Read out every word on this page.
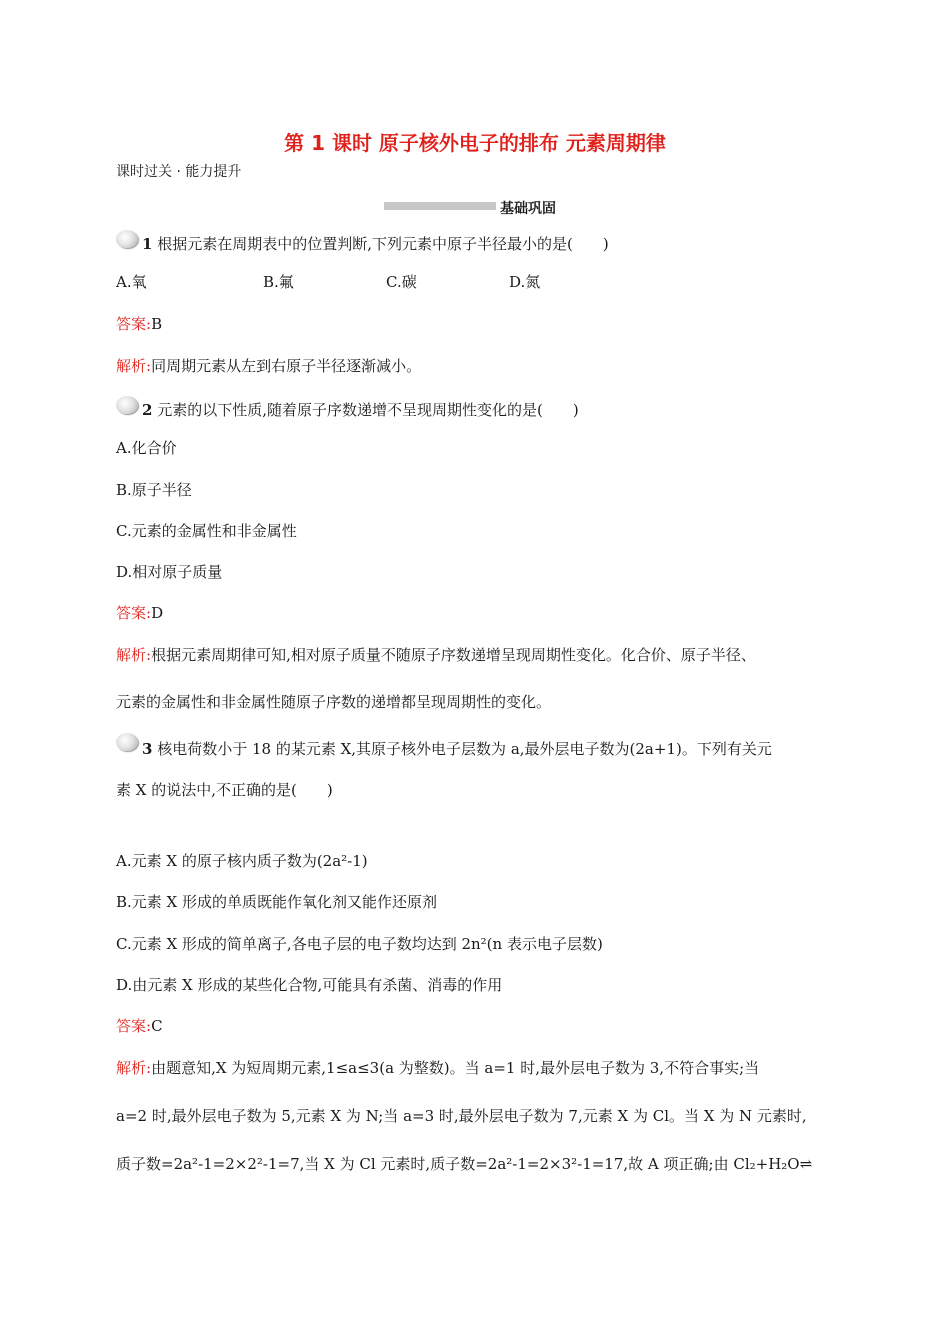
第 1 课时 原子核外电子的排布 元素周期律
课时过关 · 能力提升
基础巩固
1 根据元素在周期表中的位置判断,下列元素中原子半径最小的是(　　)
A.氧	B.氟	C.碳	D.氮
答案:B
解析:同周期元素从左到右原子半径逐渐减小。
2 元素的以下性质,随着原子序数递增不呈现周期性变化的是(　　)
A.化合价
B.原子半径
C.元素的金属性和非金属性
D.相对原子质量
答案:D
解析:根据元素周期律可知,相对原子质量不随原子序数递增呈现周期性变化。化合价、原子半径、
元素的金属性和非金属性随原子序数的递增都呈现周期性的变化。
3 核电荷数小于 18 的某元素 X,其原子核外电子层数为 a,最外层电子数为(2a+1)。下列有关元
素 X 的说法中,不正确的是(　　)
A.元素 X 的原子核内质子数为(2a²-1)
B.元素 X 形成的单质既能作氧化剂又能作还原剂
C.元素 X 形成的简单离子,各电子层的电子数均达到 2n²(n 表示电子层数)
D.由元素 X 形成的某些化合物,可能具有杀菌、消毒的作用
答案:C
解析:由题意知,X 为短周期元素,1≤a≤3(a 为整数)。当 a=1 时,最外层电子数为 3,不符合事实;当
a=2 时,最外层电子数为 5,元素 X 为 N;当 a=3 时,最外层电子数为 7,元素 X 为 Cl。当 X 为 N 元素时,
质子数=2a²-1=2×2²-1=7,当 X 为 Cl 元素时,质子数=2a²-1=2×3²-1=17,故 A 项正确;由 Cl₂+H₂O⇌
